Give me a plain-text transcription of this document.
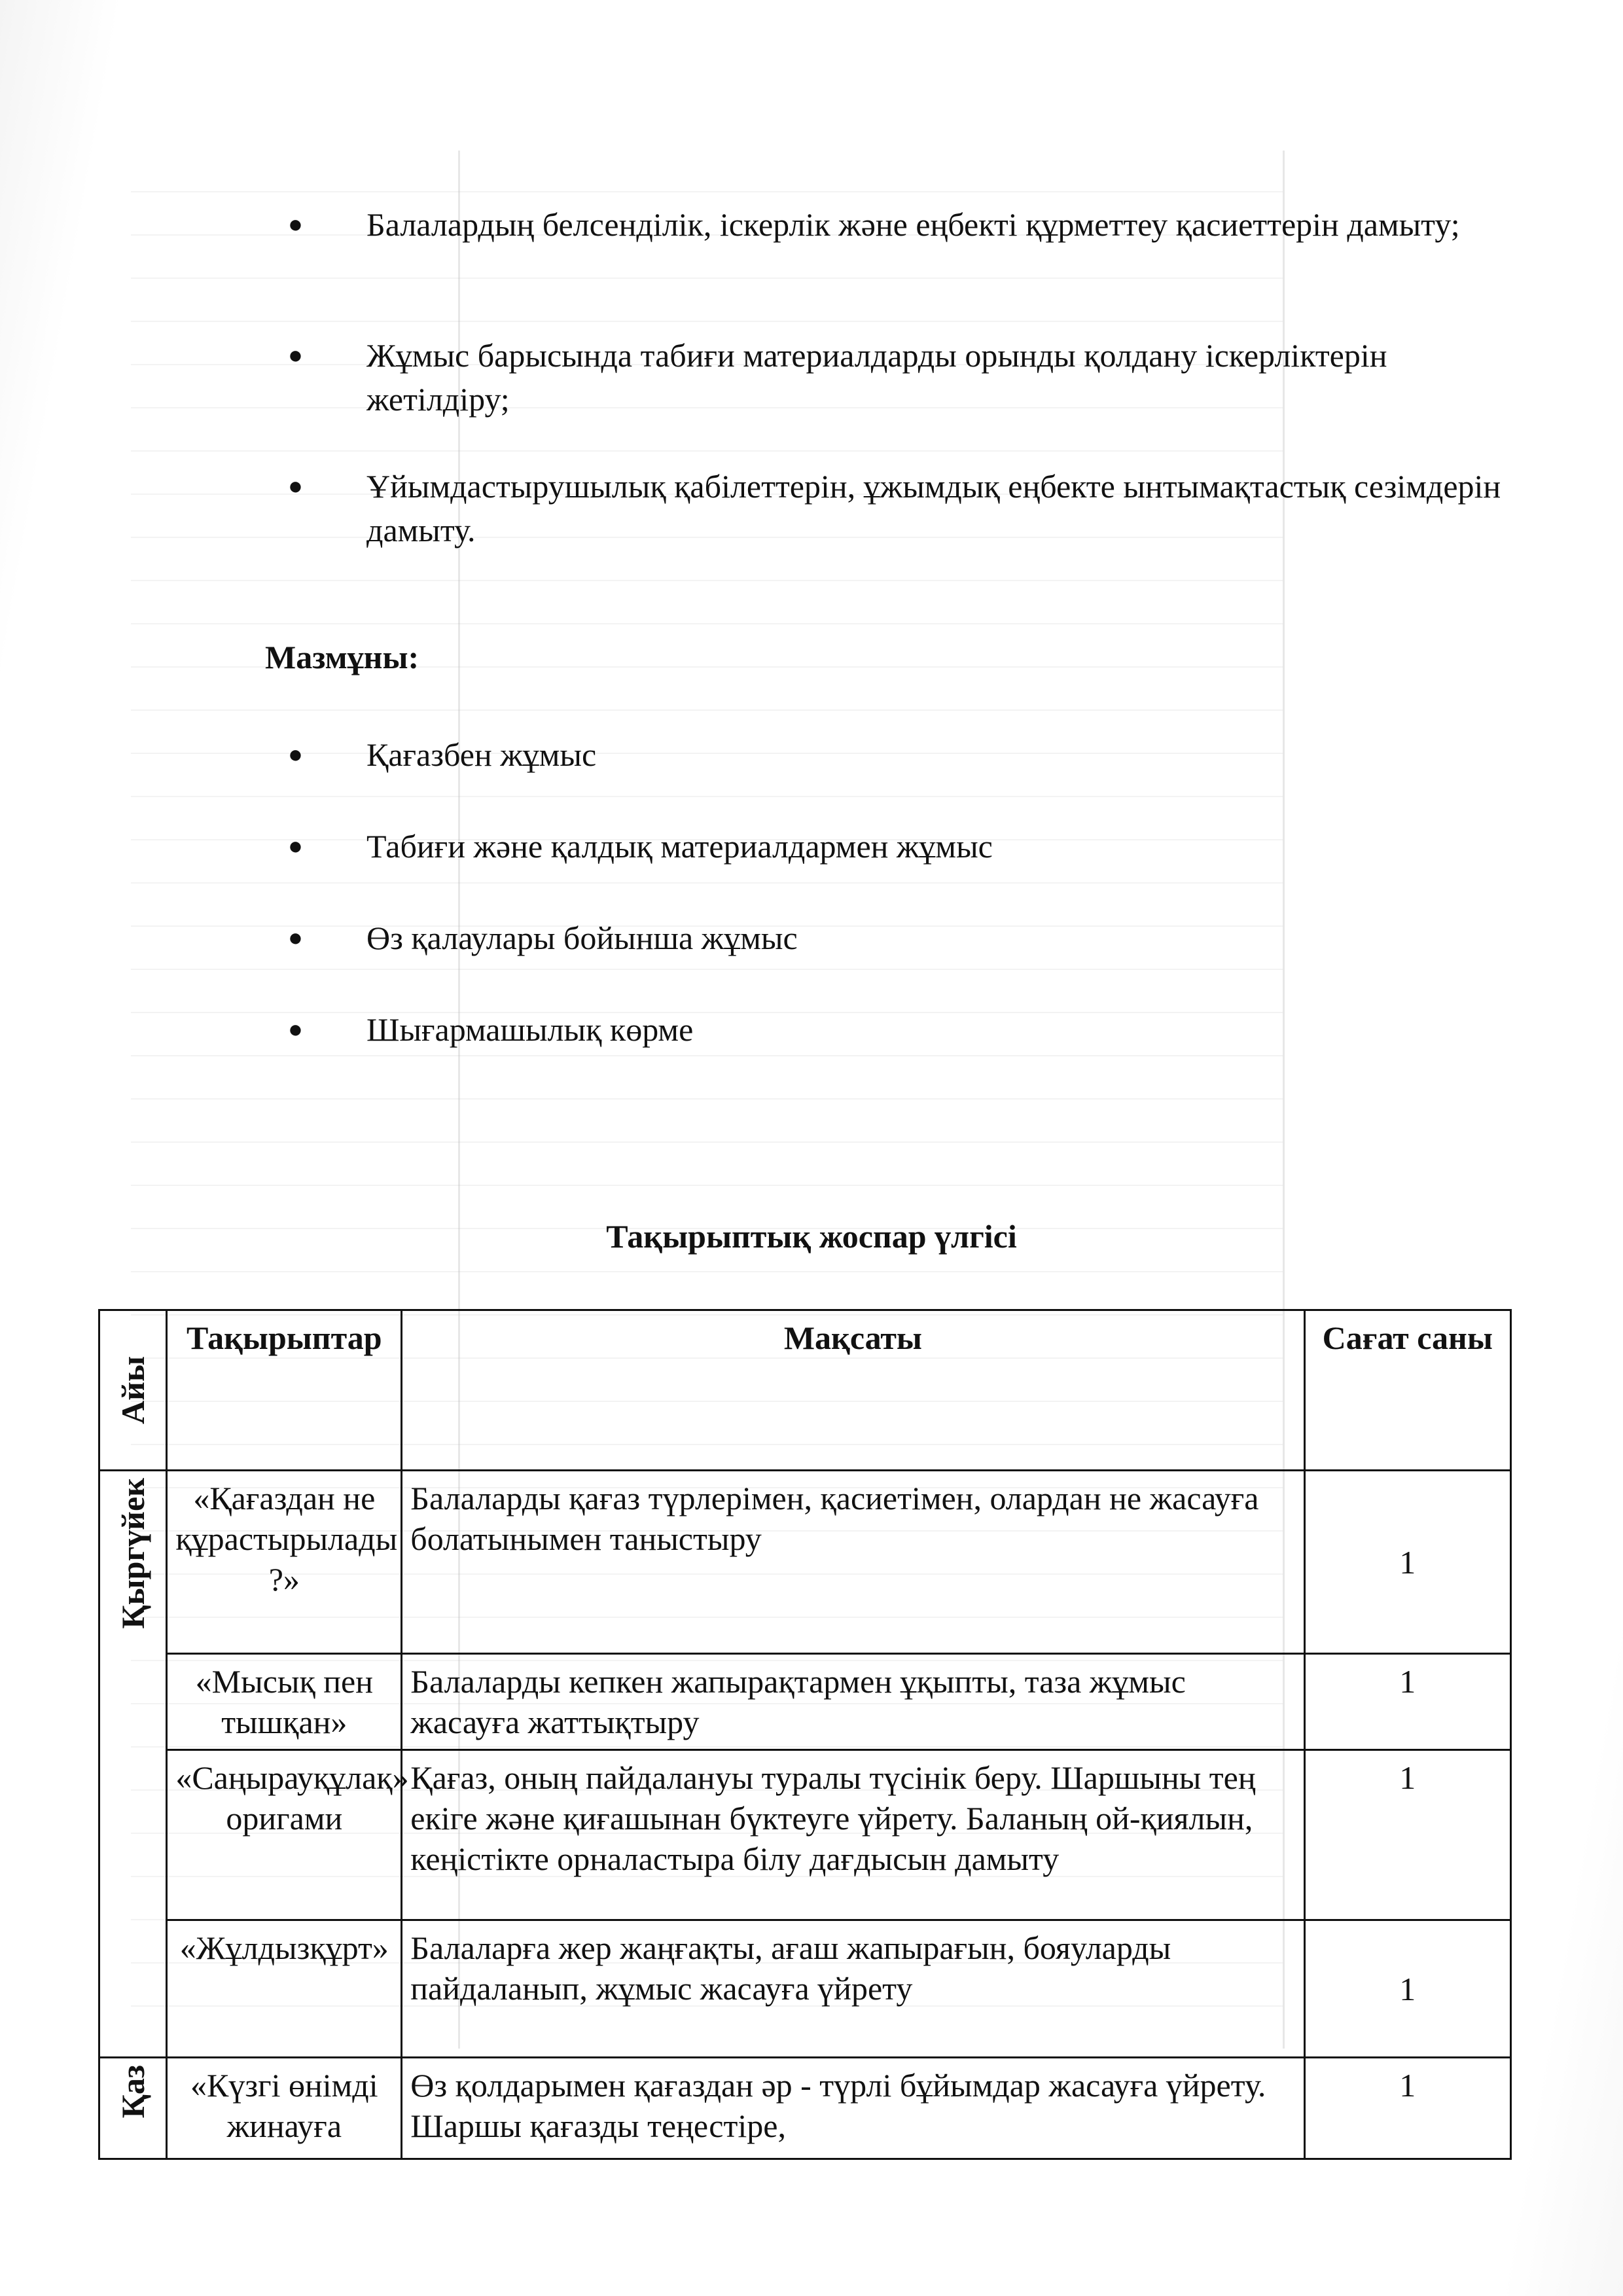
●	Балалардың белсенділік, іскерлік және еңбекті құрметтеу қасиеттерін дамыту;
●	Жұмыс барысында табиғи материалдарды орынды қолдану іскерліктерін жетілдіру;
●	Ұйымдастырушылық қабілеттерін, ұжымдық еңбекте ынтымақтастық сезімдерін дамыту.
Мазмұны:
●	Қағазбен жұмыс
●	Табиғи және қалдық материалдармен жұмыс
●	Өз қалаулары бойынша жұмыс
●	Шығармашылық көрме
Тақырыптық жоспар үлгісі
Айы	Тақырыптар	Мақсаты	Сағат саны

Қыргүйек	«Қағаздан не құрастырылады ?»	Балаларды қағаз түрлерімен, қасиетімен, олардан не жасауға болатынымен таныстыру	1
	«Мысық пен тышқан»	Балаларды кепкен жапырақтармен ұқыпты, таза жұмыс жасауға жаттықтыру	1
	«Саңырауқұлақ» оригами	Қағаз, оның пайдалануы туралы түсінік беру. Шаршыны тең екіге және қиғашынан бүктеуге үйрету. Баланың ой-қиялын, кеңістікте орналастыра білу дағдысын дамыту	1
	«Жұлдызқұрт»	Балаларға жер жаңғақты, ағаш жапырағын, бояуларды пайдаланып, жұмыс жасауға үйрету	1

Қаз	«Күзгі өнімді жинауға	Өз қолдарымен қағаздан әр - түрлі бұйымдар жасауға үйрету. Шаршы қағазды теңестіре,	1
